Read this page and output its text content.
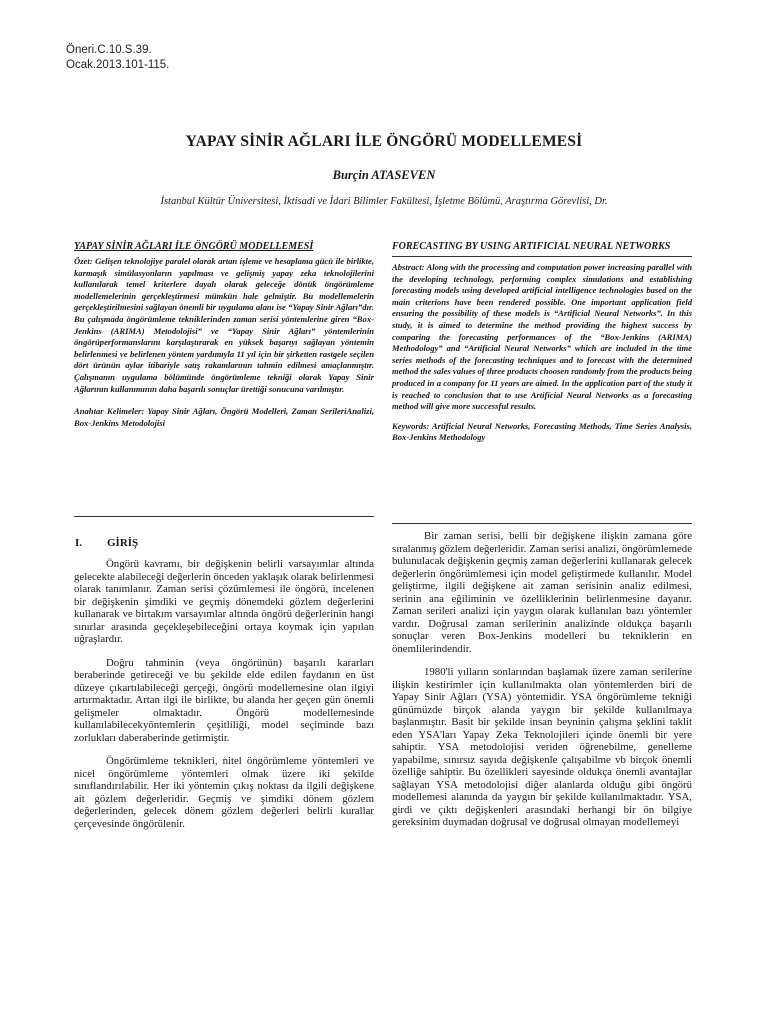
Öneri.C.10.S.39.
Ocak.2013.101-115.
YAPAY SİNİR AĞLARI İLE ÖNGÖRÜ MODELLEMESİ
Burçin ATASEVEN
İstanbul Kültür Üniversitesi, İktisadi ve İdari Bilimler Fakültesi, İşletme Bölümü, Araştırma Görevlisi, Dr.
YAPAY SİNİR AĞLARI İLE ÖNGÖRÜ MODELLEMESİ

Özet: Gelişen teknolojiye paralel olarak artan işleme ve hesaplama gücü ile birlikte, karmaşık simülasyonların yapılması ve gelişmiş yapay zeka teknolojilerini kullanılarak temel kriterlere dayalı olarak geleceğe dönük öngörümleme modellemelerinin gerçekleştirmesi mümkün hale gelmiştir. Bu modellemelerin gerçekleştirilmesini sağlayan önemli bir uygulama alanı ise “Yapay Sinir Ağları”dır. Bu çalışmada öngörümleme tekniklerinden zaman serisi yöntemlerine giren “Box-Jenkins (ARIMA) Metodolojisi” ve “Yapay Sinir Ağları” yöntemlerinin öngörüperformanslarını karşılaştırarak en yüksek başarıyı sağlayan yöntemin belirlenmesi ve belirlenen yöntem yardımıyla 11 yıl için bir şirketten rastgele seçilen dört ürünün aylar itibariyle satış rakamlarının tahmin edilmesi amaçlanmıştır. Çalışmanın uygulama bölümünde öngörümleme tekniği olarak Yapay Sinir Ağlarının kullanımının daha başarılı sonuçlar ürettiği sonucuna varılmıştır.

Anahtar Kelimeler: Yapay Sinir Ağları, Öngörü Modelleri, Zaman SerileriAnalizi, Box-Jenkins Metodolojisi

FORECASTING BY USING ARTIFICIAL NEURAL NETWORKS

Abstract: Along with the processing and computation power increasing parallel with the developing technology, performing complex simulations and establishing forecasting models using developed artificial intelligence technologies based on the main criterions have been rendered possible. One important application field ensuring the possibility of these models is “Artificial Neural Networks”. In this study, it is aimed to determine the method providing the highest success by comparing the forecasting performances of the “Box-Jenkins (ARIMA) Methodology” and “Artificial Neural Networks” which are included in the time series methods of the forecasting techniques and to forecast with the determined method the sales values of three products choosen randomly from the products being produced in a company for 11 years are aimed. In the application part of the study it is reached to conclusion that to use Artificial Neural Networks as a forecasting method will give more successful results.

Keywords: Artificial Neural Networks, Forecasting Methods, Time Series Analysis, Box-Jenkins Methodology

I. GİRİŞ

Öngörü kavramı, bir değişkenin belirli varsayımlar altında gelecekte alabileceği değerlerin önceden yaklaşık olarak belirlenmesi olarak tanımlanır. Zaman serisi çözümlemesi ile öngörü, incelenen bir değişkenin şimdiki ve geçmiş dönemdeki gözlem değerlerini kullanarak ve birtakım varsayımlar altında öngörü değerlerinin hangi sınırlar arasında geçekleşebileceğini ortaya koymak için yapılan uğraşlardır.

Doğru tahminin (veya öngörünün) başarılı kararları beraberinde getireceği ve bu şekilde elde edilen faydanın en üst düzeye çıkartılabileceği gerçeği, öngörü modellemesine olan ilgiyi artırmaktadır. Artan ilgi ile birlikte, bu alanda her geçen gün önemli gelişmeler olmaktadır. Öngörü modellemesinde kullanılabilecekyöntemlerin çeşitliliği, model seçiminde bazı zorlukları daberaberinde getirmiştir.

Öngörümleme teknikleri, nitel öngörümleme yöntemleri ve nicel öngörümleme yöntemleri olmak üzere iki şekilde sınıflandırılabilir. Her iki yöntemin çıkış noktası da ilgili değişkene ait gözlem değerleridir. Geçmiş ve şimdiki dönem gözlem değerlerinden, gelecek dönem gözlem değerleri belirli kurallar çerçevesinde öngörülenir.

Bir zaman serisi, belli bir değişkene ilişkin zamana göre sıralanmış gözlem değerleridir. Zaman serisi analizi, öngörümlemede bulunulacak değişkenin geçmiş zaman değerlerini kullanarak gelecek değerlerin öngörümlemesi için model geliştirmede kullanılır. Model geliştirme, ilgili değişkene ait zaman serisinin analiz edilmesi, serinin ana eğiliminin ve özelliklerinin belirlenmesine dayanır. Zaman serileri analizi için yaygın olarak kullanılan bazı yöntemler vardır. Doğrusal zaman serilerinin analizinde oldukça başarılı sonuçlar veren Box-Jenkins modelleri bu tekniklerin en önemlilerindendir.

1980'li yılların sonlarından başlamak üzere zaman serilerine ilişkin kestirimler için kullanılmakta olan yöntemlerden biri de Yapay Sinir Ağları (YSA) yöntemidir. YSA öngörümleme tekniği günümüzde birçok alanda yaygın bir şekilde kullanılmaya başlanmıştır. Basit bir şekilde insan beyninin çalışma şeklini taklit eden YSA'ları Yapay Zeka Teknolojileri içinde önemli bir yere sahiptir. YSA metodolojisi veriden öğrenebilme, genelleme yapabilme, sınırsız sayıda değişkenle çalışabilme vb birçok önemli özelliğe sahiptir. Bu özellikleri sayesinde oldukça önemli avantajlar sağlayan YSA metodolojisi diğer alanlarda olduğu gibi öngörü modellemesi alanında da yaygın bir şekilde kullanılmaktadır. YSA, girdi ve çıktı değişkenleri arasındaki herhangi bir ön bilgiye gereksinim duymadan doğrusal ve doğrusal olmayan modellemeyi
